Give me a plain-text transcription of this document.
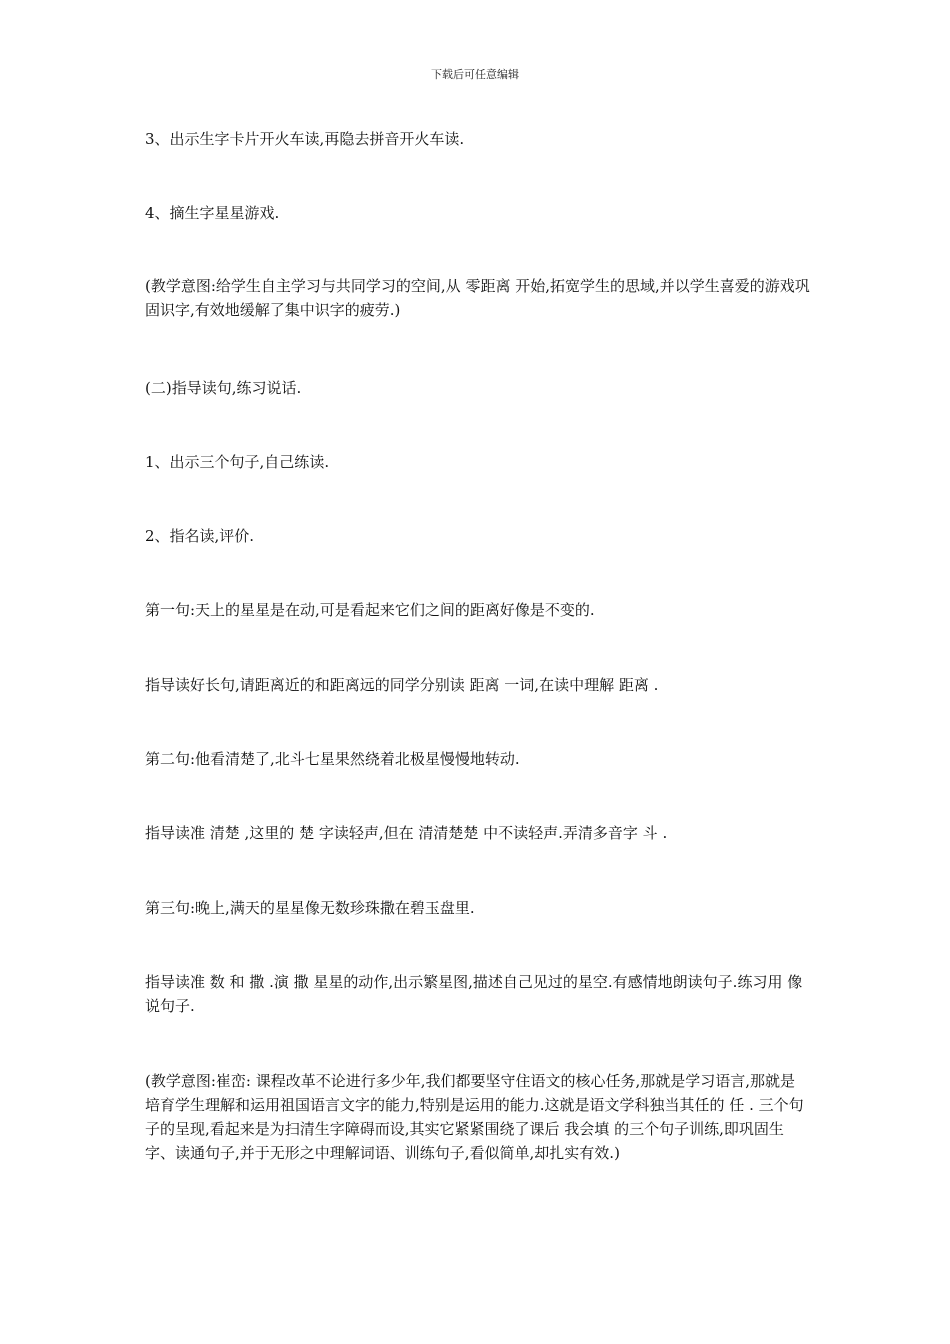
下载后可任意编辑

3、出示生字卡片开火车读,再隐去拼音开火车读.

4、摘生字星星游戏.

(教学意图:给学生自主学习与共同学习的空间,从 零距离 开始,拓宽学生的思域,并以学生喜爱的游戏巩固识字,有效地缓解了集中识字的疲劳.)

(二)指导读句,练习说话.

1、出示三个句子,自己练读.

2、指名读,评价.

第一句:天上的星星是在动,可是看起来它们之间的距离好像是不变的.

指导读好长句,请距离近的和距离远的同学分别读 距离 一词,在读中理解 距离 .

第二句:他看清楚了,北斗七星果然绕着北极星慢慢地转动.

指导读准 清楚 ,这里的 楚 字读轻声,但在 清清楚楚 中不读轻声.弄清多音字 斗 .

第三句:晚上,满天的星星像无数珍珠撒在碧玉盘里.

指导读准 数 和 撒 .演 撒 星星的动作,出示繁星图,描述自己见过的星空.有感情地朗读句子.练习用 像 说句子.

(教学意图:崔峦: 课程改革不论进行多少年,我们都要坚守住语文的核心任务,那就是学习语言,那就是培育学生理解和运用祖国语言文字的能力,特别是运用的能力.这就是语文学科独当其任的 任 . 三个句子的呈现,看起来是为扫清生字障碍而设,其实它紧紧围绕了课后 我会填 的三个句子训练,即巩固生字、读通句子,并于无形之中理解词语、训练句子,看似简单,却扎实有效.)
